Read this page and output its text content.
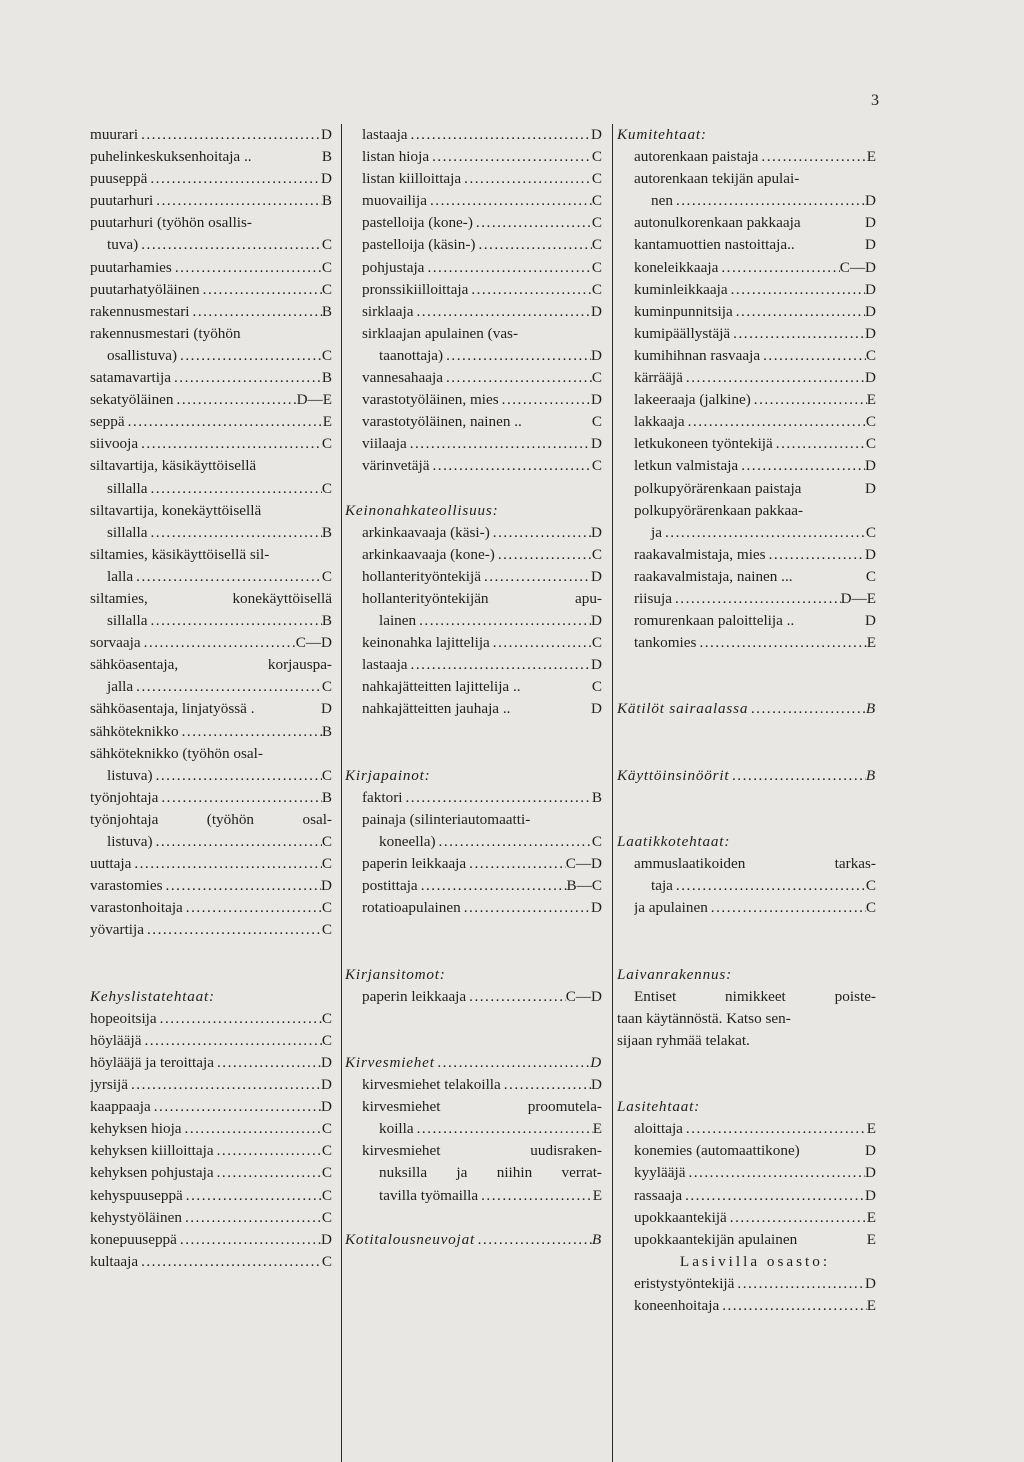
3
muurari .....	D
puhelinkeskuksenhoitaja ..	B
puuseppä .....	D
puutarhuri .....	B
puutarhuri (työhön osallis-
tuva) .....	C
puutarhamies .....	C
puutarhatyöläinen .....	C
rakennusmestari .....	B
rakennusmestari (työhön
osallistuva) .....	C
satamavartija .....	B
sekatyöläinen .....	D—E
seppä .....	E
siivooja .....	C
siltavartija, käsikäyttöisellä
sillalla .....	C
siltavartija, konekäyttöisellä
sillalla .....	B
siltamies, käsikäyttöisellä sil-
lalla .....	C
siltamies,	konekäyttöisellä
sillalla .....	B
sorvaaja .....	C—D
sähköasentaja,	korjauspa-
jalla .....	C
sähköasentaja, linjatyössä .	D
sähköteknikko .....	B
sähköteknikko (työhön osal-
listuva) .....	C
työnjohtaja .....	B
työnjohtaja	(työhön	osal-
listuva) .....	C
uuttaja .....	C
varastomies .....	D
varastonhoitaja .....	C
yövartija .....	C
Kehyslistatehtaat:
hopeoitsija .....	C
höylääjä .....	C
höylääjä ja teroittaja .....	D
jyrsijä .....	D
kaappaaja .....	D
kehyksen hioja .....	C
kehyksen kiilloittaja .....	C
kehyksen pohjustaja .....	C
kehyspuuseppä .....	C
kehystyöläinen .....	C
konepuuseppä .....	D
kultaaja .....	C
lastaaja .....	D
listan hioja .....	C
listan kiilloittaja .....	C
muovailija .....	C
pastelloija (kone-) .....	C
pastelloija (käsin-) .....	C
pohjustaja .....	C
pronssikiilloittaja .....	C
sirklaaja .....	D
sirklaajan apulainen (vas-
taanottaja) .....	D
vannesahaaja .....	C
varastotyöläinen, mies .....	D
varastotyöläinen, nainen ..	C
viilaaja .....	D
värinvetäjä .....	C
Keinonahkateollisuus:
arkinkaavaaja (käsi-) .....	D
arkinkaavaaja (kone-) .....	C
hollanterityöntekijä .....	D
hollanterityöntekijän	apu-
lainen .....	D
keinonahka lajittelija .....	C
lastaaja .....	D
nahkajätteitten lajittelija ..	C
nahkajätteitten jauhaja ..	D
Kirjapainot:
faktori .....	B
painaja (silinteriautomaatti-
koneella) .....	C
paperin leikkaaja .....	C—D
postittaja .....	B—C
rotatioapulainen .....	D
Kirjansitomot:
paperin leikkaaja .....	C—D
Kirvesmiehet .....	D
kirvesmiehet telakoilla .....	D
kirvesmiehet	proomutela-
koilla .....	E
kirvesmiehet	uudisraken-
nuksilla ja niihin verrat-
tavilla työmailla .....	E
Kotitalousneuvojat .....	B
Kumitehtaat:
autorenkaan paistaja .....	E
autorenkaan tekijän apulai-
nen .....	D
autonulkorenkaan pakkaaja	D
kantamuottien nastoittaja..	D
koneleikkaaja .....	C—D
kuminleikkaaja .....	D
kuminpunnitsija .....	D
kumipäällystäjä .....	D
kumihihnan rasvaaja .....	C
kärrääjä .....	D
lakeeraaja (jalkine) .....	E
lakkaaja .....	C
letkukoneen työntekijä .....	C
letkun valmistaja .....	D
polkupyörärenkaan paistaja	D
polkupyörärenkaan pakkaa-
ja .....	C
raakavalmistaja, mies .....	D
raakavalmistaja, nainen ...	C
riisuja .....	D—E
romurenkaan paloittelija ..	D
tankomies .....	E
Kätilöt sairaalassa .....	B
Käyttöinsinöörit .....	B
Laatikkotehtaat:
ammuslaatikoiden	tarkas-
taja .....	C
ja apulainen .....	C
Laivanrakennus:
Entiset	nimikkeet	poiste-
taan käytännöstä. Katso sen-
sijaan ryhmää telakat.
Lasitehtaat:
aloittaja .....	E
konemies (automaattikone)	D
kyylääjä .....	D
rassaaja .....	D
upokkaantekijä .....	E
upokkaantekijän apulainen	E
Lasivilla osasto:
eristystyöntekijä .....	D
koneenhoitaja .....	E
